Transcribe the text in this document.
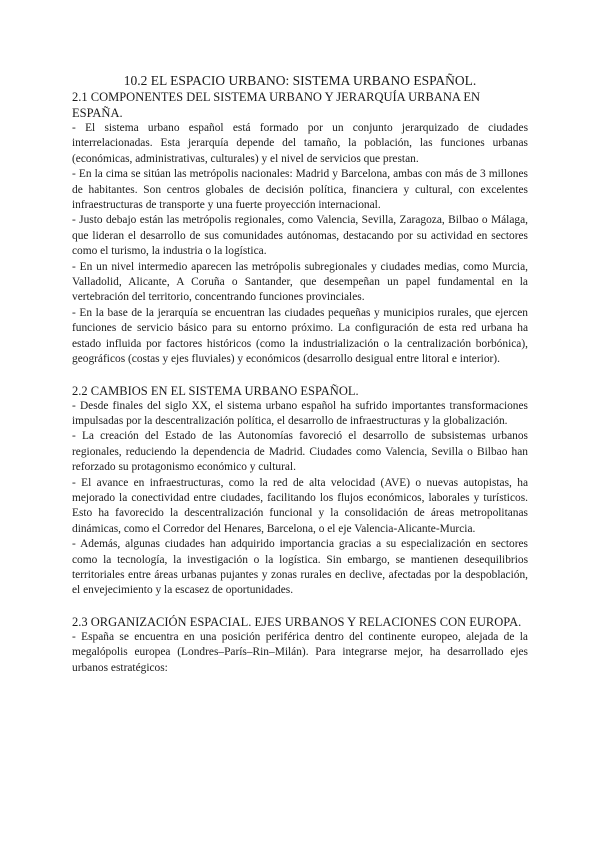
10.2 EL ESPACIO URBANO: SISTEMA URBANO ESPAÑOL.
2.1 COMPONENTES DEL SISTEMA URBANO Y JERARQUÍA URBANA EN ESPAÑA.

- El sistema urbano español está formado por un conjunto jerarquizado de ciudades interrelacionadas. Esta jerarquía depende del tamaño, la población, las funciones urbanas (económicas, administrativas, culturales) y el nivel de servicios que prestan.

- En la cima se sitúan las metrópolis nacionales: Madrid y Barcelona, ambas con más de 3 millones de habitantes. Son centros globales de decisión política, financiera y cultural, con excelentes infraestructuras de transporte y una fuerte proyección internacional.

- Justo debajo están las metrópolis regionales, como Valencia, Sevilla, Zaragoza, Bilbao o Málaga, que lideran el desarrollo de sus comunidades autónomas, destacando por su actividad en sectores como el turismo, la industria o la logística.

- En un nivel intermedio aparecen las metrópolis subregionales y ciudades medias, como Murcia, Valladolid, Alicante, A Coruña o Santander, que desempeñan un papel fundamental en la vertebración del territorio, concentrando funciones provinciales.

- En la base de la jerarquía se encuentran las ciudades pequeñas y municipios rurales, que ejercen funciones de servicio básico para su entorno próximo. La configuración de esta red urbana ha estado influida por factores históricos (como la industrialización o la centralización borbónica), geográficos (costas y ejes fluviales) y económicos (desarrollo desigual entre litoral e interior).

2.2 CAMBIOS EN EL SISTEMA URBANO ESPAÑOL.

- Desde finales del siglo XX, el sistema urbano español ha sufrido importantes transformaciones impulsadas por la descentralización política, el desarrollo de infraestructuras y la globalización.

- La creación del Estado de las Autonomías favoreció el desarrollo de subsistemas urbanos regionales, reduciendo la dependencia de Madrid. Ciudades como Valencia, Sevilla o Bilbao han reforzado su protagonismo económico y cultural.

- El avance en infraestructuras, como la red de alta velocidad (AVE) o nuevas autopistas, ha mejorado la conectividad entre ciudades, facilitando los flujos económicos, laborales y turísticos. Esto ha favorecido la descentralización funcional y la consolidación de áreas metropolitanas dinámicas, como el Corredor del Henares, Barcelona, o el eje Valencia-Alicante-Murcia.

- Además, algunas ciudades han adquirido importancia gracias a su especialización en sectores como la tecnología, la investigación o la logística. Sin embargo, se mantienen desequilibrios territoriales entre áreas urbanas pujantes y zonas rurales en declive, afectadas por la despoblación, el envejecimiento y la escasez de oportunidades.

2.3 ORGANIZACIÓN ESPACIAL. EJES URBANOS Y RELACIONES CON EUROPA.

- España se encuentra en una posición periférica dentro del continente europeo, alejada de la megalópolis europea (Londres–París–Rin–Milán). Para integrarse mejor, ha desarrollado ejes urbanos estratégicos:
